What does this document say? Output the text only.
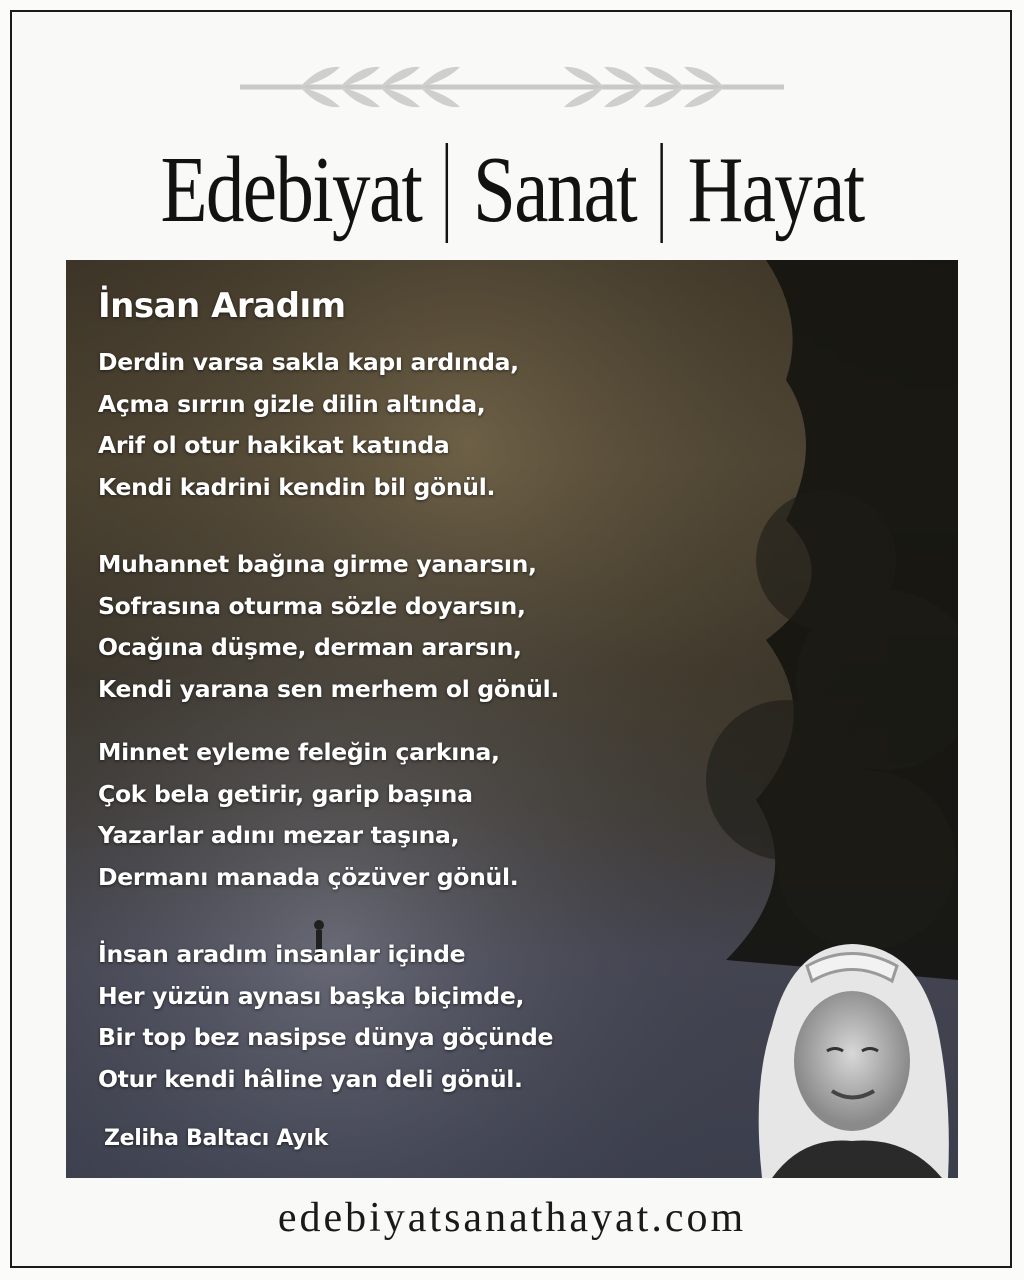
Edebiyat Sanat Hayat
İnsan Aradım
Derdin varsa sakla kapı ardında,
Açma sırrın gizle dilin altında,
Arif ol otur hakikat katında
Kendi kadrini kendin bil gönül.
Muhannet bağına girme yanarsın,
Sofrasına oturma sözle doyarsın,
Ocağına düşme, derman ararsın,
Kendi yarana sen merhem ol gönül.
Minnet eyleme feleğin çarkına,
Çok bela getirir, garip başına
Yazarlar adını mezar taşına,
Dermanı manada çözüver gönül.
İnsan aradım insanlar içinde
Her yüzün aynası başka biçimde,
Bir top bez nasipse dünya göçünde
Otur kendi hâline yan deli gönül.
Zeliha Baltacı Ayık
edebiyatsanathayat.com
